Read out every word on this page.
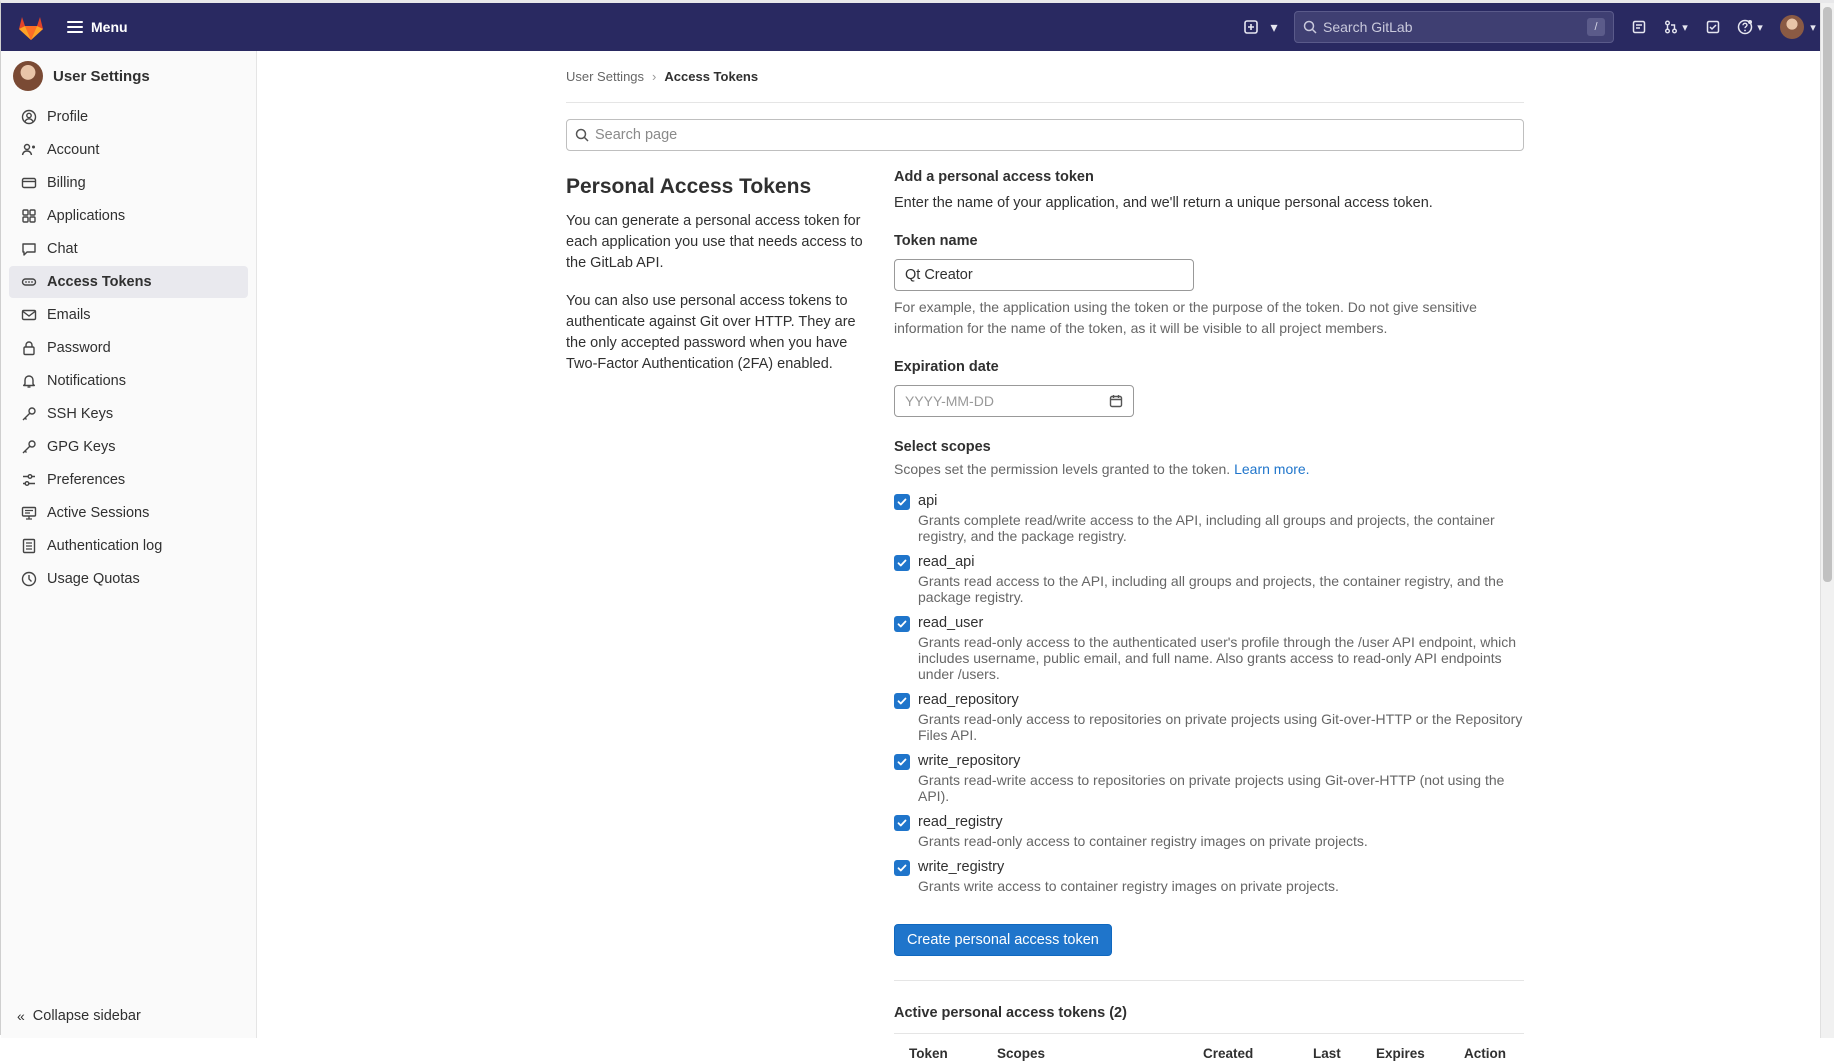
Menu	▾	Search GitLab	/	▾	▾	▾
User Settings
Profile
Account
Billing
Applications
Chat
Access Tokens
Emails
Password
Notifications
SSH Keys
GPG Keys
Preferences
Active Sessions
Authentication log
Usage Quotas
« Collapse sidebar
User Settings › Access Tokens
Search page
Personal Access Tokens

You can generate a personal access token for each application you use that needs access to the GitLab API.

You can also use personal access tokens to authenticate against Git over HTTP. They are the only accepted password when you have Two-Factor Authentication (2FA) enabled.

Add a personal access token
Enter the name of your application, and we'll return a unique personal access token.
Token name
Qt Creator
For example, the application using the token or the purpose of the token. Do not give sensitive information for the name of the token, as it will be visible to all project members.
Expiration date
YYYY-MM-DD
Select scopes
Scopes set the permission levels granted to the token. Learn more.
api
Grants complete read/write access to the API, including all groups and projects, the container registry, and the package registry.
read_api
Grants read access to the API, including all groups and projects, the container registry, and the package registry.
read_user
Grants read-only access to the authenticated user's profile through the /user API endpoint, which includes username, public email, and full name. Also grants access to read-only API endpoints under /users.
read_repository
Grants read-only access to repositories on private projects using Git-over-HTTP or the Repository Files API.
write_repository
Grants read-write access to repositories on private projects using Git-over-HTTP (not using the API).
read_registry
Grants read-only access to container registry images on private projects.
write_registry
Grants write access to container registry images on private projects.
Create personal access token
Active personal access tokens (2)
Token	Scopes	Created	Last	Expires	Action
